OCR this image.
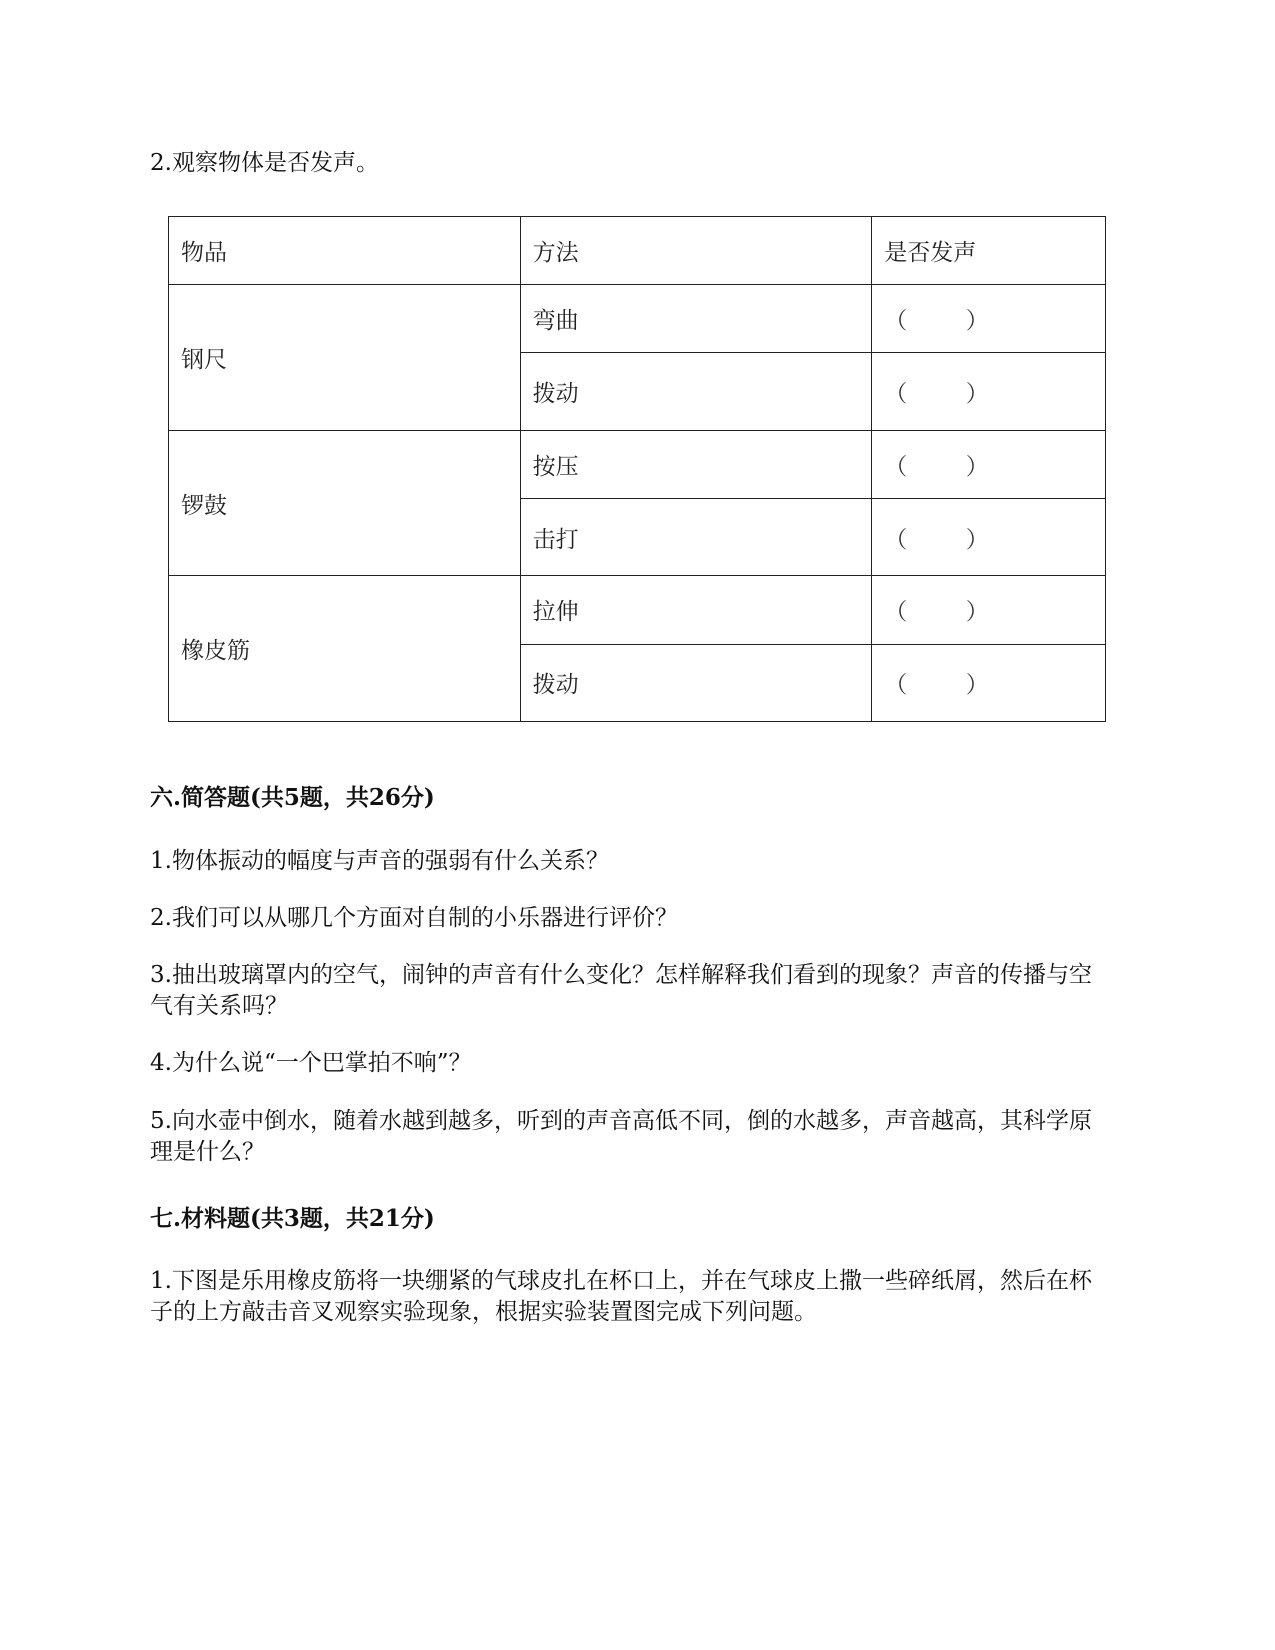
2.观察物体是否发声。
物品	方法	是否发声
钢尺	弯曲	（        ）
	拨动	（        ）
锣鼓	按压	（        ）
	击打	（        ）
橡皮筋	拉伸	（        ）
	拨动	（        ）
六.简答题(共5题，共26分)
1.物体振动的幅度与声音的强弱有什么关系？
2.我们可以从哪几个方面对自制的小乐器进行评价？
3.抽出玻璃罩内的空气，闹钟的声音有什么变化？怎样解释我们看到的现象？声音的传播与空气有关系吗？
4.为什么说“一个巴掌拍不响”？
5.向水壶中倒水，随着水越到越多，听到的声音高低不同，倒的水越多，声音越高，其科学原理是什么？
七.材料题(共3题，共21分)
1.下图是乐用橡皮筋将一块绷紧的气球皮扎在杯口上，并在气球皮上撒一些碎纸屑，然后在杯子的上方敲击音叉观察实验现象，根据实验装置图完成下列问题。
